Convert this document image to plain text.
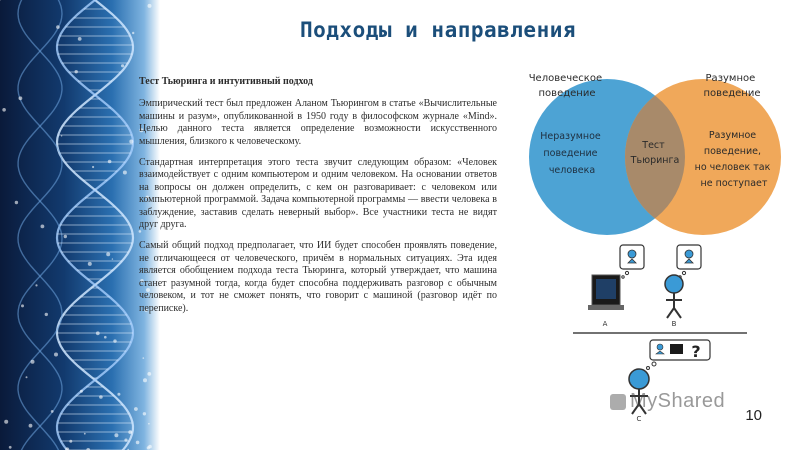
Подходы и направления

Тест Тьюринга и интуитивный подход

Эмпирический тест был предложен Аланом Тьюрингом в статье «Вычислительные машины и разум», опубликованной в 1950 году в философском журнале «Mind». Целью данного теста является определение возможности искусственного мышления, близкого к человеческому.

Стандартная интерпретация этого теста звучит следующим образом: «Человек взаимодействует с одним компьютером и одним человеком. На основании ответов на вопросы он должен определить, с кем он разговаривает: с человеком или компьютерной программой. Задача компьютерной программы — ввести человека в заблуждение, заставив сделать неверный выбор». Все участники теста не видят друг друга.

Самый общий подход предполагает, что ИИ будет способен проявлять поведение, не отличающееся от человеческого, причём в нормальных ситуациях. Эта идея является обобщением подхода теста Тьюринга, который утверждает, что машина станет разумной тогда, когда будет способна поддерживать разговор с обычным человеком, и тот не сможет понять, что говорит с машиной (разговор идёт по переписке).

Человеческое поведение
Разумное поведение
Неразумное поведение человека
Тест Тьюринга
Разумное поведение, но человек так не поступает
A	B
?
C
MyShared
10
